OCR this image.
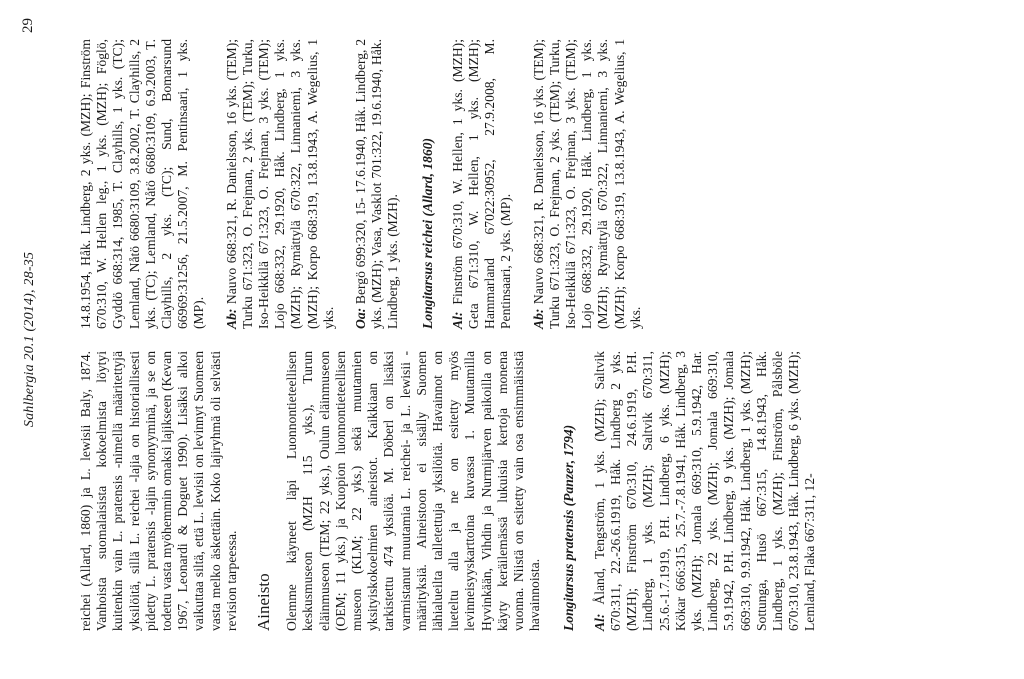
Sahlbergia 20.1 (2014), 28-35
29

reichei (Allard, 1860) ja L. lewisii Baly, 1874. Vanhoista suomalaisista kokoelmista löytyi kuitenkin vain L. pratensis -nimellä määritettyjä yksilöitä, sillä L. reichei -lajia on historiallisesti pidetty L. pratensis -lajin synonyyminä, ja se on todettu vasta myöhemmin omaksi lajikseen (Kevan 1967, Leonardi & Doguet 1990). Lisäksi alkoi vaikuttaa siltä, että L. lewisii on levinnyt Suomeen vasta melko äskettäin. Koko lajiryhmä oli selvästi revision tarpeessa. Aineisto Olemme käyneet läpi Luonnontieteellisen keskusmuseon (MZH 115 yks.), Turun eläinmuseon (TEM; 22 yks.), Oulun eläinmuseon (OEM; 11 yks.) ja Kuopion luonnontieteellisen museon (KLM; 22 yks.) sekä muutamien yksityiskokoelmien aineistot. Kaikkiaan on tarkistettu 474 yksilöä. M. Döberl on lisäksi varmistanut muutamia L. reichei- ja L. lewisii -määrityksiä. Aineistoon ei sisälly Suomen lähialueilta talletettuja yksilöitä. Havainnot on lueteltu alla ja ne on esitetty myös levinneisyyskarttoina kuvassa 1. Muutamilla Hyvinkään, Vihdin ja Nurmijärven paikoilla on käyty keräilemässä lukuisia kertoja monena vuonna. Niistä on esitetty vain osa ensimmäisistä havainnoista. Longitarsus pratensis (Panzer, 1794) Al: Åland, Tengström, 1 yks. (MZH); Saltvik 670:311, 22.-26.6.1919, Håk. Lindberg 2 yks. (MZH); Finström 670:310, 24.6.1919, P.H. Lindberg, 1 yks. (MZH); Saltvik 670:311, 25.6.-1.7.1919, P.H. Lindberg, 6 yks. (MZH); Kökar 666:315, 25.7.-7.8.1941, Håk. Lindberg, 3 yks. (MZH); Jomala 669:310, 5.9.1942, Har. Lindberg, 22 yks. (MZH); Jomala 669:310, 5.9.1942, P.H. Lindberg, 9 yks. (MZH); Jomala 669:310, 9.9.1942, Håk. Lindberg, 1 yks. (MZH); Sottunga, Husö 667:315, 14.8.1943, Håk. Lindberg, 1 yks. (MZH); Finström, Pålsböle 670:310, 23.8.1943, Håk. Lindberg, 6 yks. (MZH); Lemland, Flaka 667:311, 12-

14.8.1954, Håk. Lindberg, 2 yks. (MZH); Finström 670:310, W. Hellen leg., 1 yks. (MZH); Föglö, Gyddö 668:314, 1985, T. Clayhills, 1 yks. (TC); Lemland, Nåtö 6680:3109, 3.8.2002, T. Clayhills, 2 yks. (TC); Lemland, Nåtö 6680:3109, 6.9.2003, T. Clayhills, 2 yks. (TC); Sund, Bomarsund 66969:31256, 21.5.2007, M. Pentinsaari, 1 yks. (MP). Ab: Nauvo 668:321, R. Danielsson, 16 yks. (TEM); Turku 671:323, O. Frejman, 2 yks. (TEM); Turku, Iso-Heikkilä 671:323, O. Frejman, 3 yks. (TEM); Lojo 668:332, 29.1920, Håk. Lindberg, 1 yks. (MZH); Rymättylä 670:322, Linnaniemi, 3 yks. (MZH); Korpo 668:319, 13.8.1943, A. Wegelius, 1 yks. Oa: Bergö 699:320, 15- 17.6.1940, Håk. Lindberg, 2 yks. (MZH); Vasa, Vasklot 701:322, 19.6.1940, Håk. Lindberg, 1 yks. (MZH). Longitarsus reichei (Allard, 1860) Al: Finström 670:310, W. Hellen, 1 yks. (MZH); Geta 671:310, W. Hellen, 1 yks. (MZH); Hammarland 67022:30952, 27.9.2008, M. Pentinsaari, 2 yks. (MP). Ab: Nauvo 668:321, R. Danielsson, 16 yks. (TEM); Turku 671:323, O. Frejman, 2 yks. (TEM); Turku, Iso-Heikkilä 671:323, O. Frejman, 3 yks. (TEM); Lojo 668:332, 29.1920, Håk. Lindberg, 1 yks. (MZH); Rymättylä 670:322, Linnaniemi, 3 yks. (MZH); Korpo 668:319, 13.8.1943, A. Wegelius, 1 yks.
